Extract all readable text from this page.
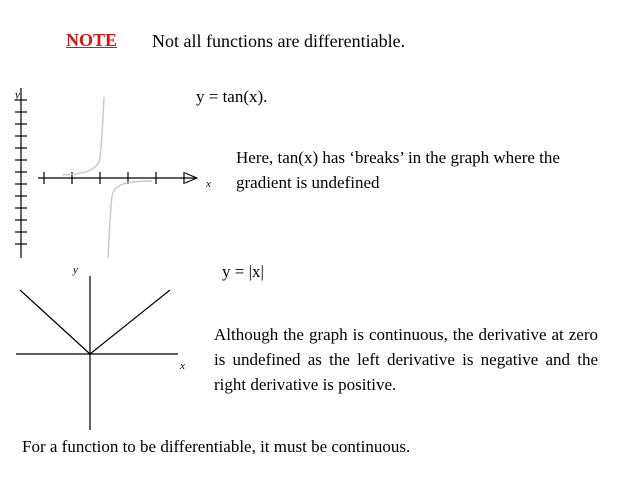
NOTE Not all functions are differentiable.
y
x
y = tan(x).
Here, tan(x) has ‘breaks’ in the graph where the gradient is undefined
y
x
y = |x|
Although the graph is continuous, the derivative at zero is undefined as the left derivative is negative and the right derivative is positive.
For a function to be differentiable, it must be continuous.
